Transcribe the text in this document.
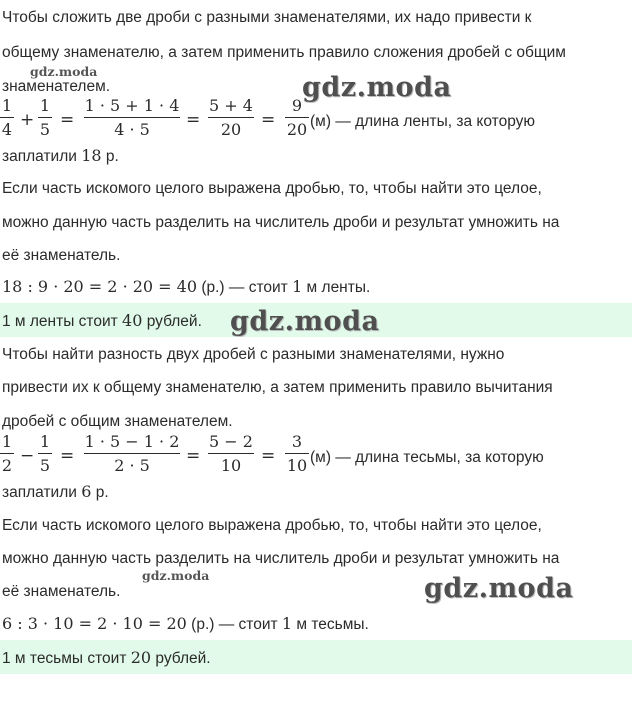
Чтобы сложить две дроби с разными знаменателями, их надо привести к
общему знаменателю, а затем применить правило сложения дробей с общим
знаменателем.
gdz.moda
gdz.moda
1
4 +
1
5 =
1 · 5 + 1 · 4
4 · 5	=
5 + 4
20	=
9
20 (м) — длина ленты, за которую
заплатили 18 р.
Если часть искомого целого выражена дробью, то, чтобы найти это целое,
можно данную часть разделить на числитель дроби и результат умножить на
её знаменатель.
18 : 9 · 20 = 2 · 20 = 40 (р.) — стоит 1 м ленты.
1 м ленты стоит 40 рублей. gdz.moda
Чтобы найти разность двух дробей с разными знаменателями, нужно
привести их к общему знаменателю, а затем применить правило вычитания
дробей с общим знаменателем.
1
2 −
1
5 =
1 · 5 − 1 · 2
2 · 5	=
5 − 2
10	=
3
10 (м) — длина тесьмы, за которую
заплатили 6 р.
Если часть искомого целого выражена дробью, то, чтобы найти это целое,
можно данную часть разделить на числитель дроби и результат умножить на
её знаменатель.
gdz.moda	gdz.moda
6 : 3 · 10 = 2 · 10 = 20 (р.) — стоит 1 м тесьмы.
1 м тесьмы стоит 20 рублей.
